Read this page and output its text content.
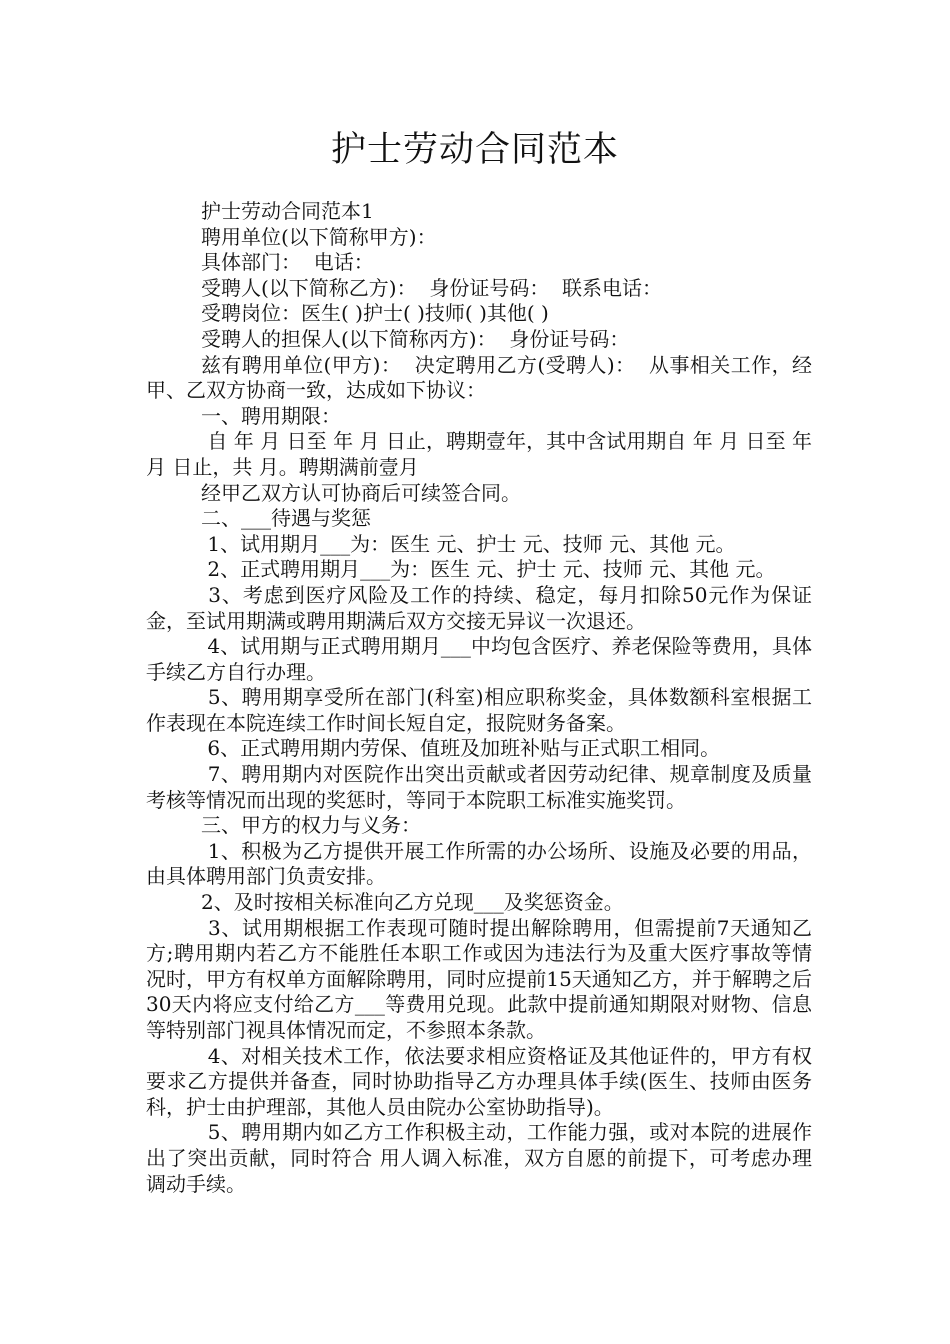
护士劳动合同范本

护士劳动合同范本1

聘用单位(以下简称甲方)：

具体部门：  电话：

受聘人(以下简称乙方)：  身份证号码：  联系电话：

受聘岗位：医生( )护士( )技师( )其他( )

受聘人的担保人(以下简称丙方)：  身份证号码：

兹有聘用单位(甲方)：  决定聘用乙方(受聘人)：  从事相关工作，经甲、乙双方协商一致，达成如下协议：

一、聘用期限：

自 年 月 日至 年 月 日止，聘期壹年，其中含试用期自 年 月 日至 年 月 日止，共 月。聘期满前壹月

经甲乙双方认可协商后可续签合同。

二、___待遇与奖惩

1、试用期月___为：医生 元、护士 元、技师 元、其他 元。

2、正式聘用期月___为：医生 元、护士 元、技师 元、其他 元。

3、考虑到医疗风险及工作的持续、稳定，每月扣除50元作为保证金，至试用期满或聘用期满后双方交接无异议一次退还。

4、试用期与正式聘用期月___中均包含医疗、养老保险等费用，具体手续乙方自行办理。

5、聘用期享受所在部门(科室)相应职称奖金，具体数额科室根据工作表现在本院连续工作时间长短自定，报院财务备案。

6、正式聘用期内劳保、值班及加班补贴与正式职工相同。

7、聘用期内对医院作出突出贡献或者因劳动纪律、规章制度及质量考核等情况而出现的奖惩时，等同于本院职工标准实施奖罚。

三、甲方的权力与义务：

1、积极为乙方提供开展工作所需的办公场所、设施及必要的用品，由具体聘用部门负责安排。

2、及时按相关标准向乙方兑现___及奖惩资金。

3、试用期根据工作表现可随时提出解除聘用，但需提前7天通知乙方;聘用期内若乙方不能胜任本职工作或因为违法行为及重大医疗事故等情况时，甲方有权单方面解除聘用，同时应提前15天通知乙方，并于解聘之后30天内将应支付给乙方___等费用兑现。此款中提前通知期限对财物、信息等特别部门视具体情况而定，不参照本条款。

4、对相关技术工作，依法要求相应资格证及其他证件的，甲方有权要求乙方提供并备查，同时协助指导乙方办理具体手续(医生、技师由医务科，护士由护理部，其他人员由院办公室协助指导)。

5、聘用期内如乙方工作积极主动，工作能力强，或对本院的进展作出了突出贡献，同时符合 用人调入标准，双方自愿的前提下，可考虑办理调动手续。
